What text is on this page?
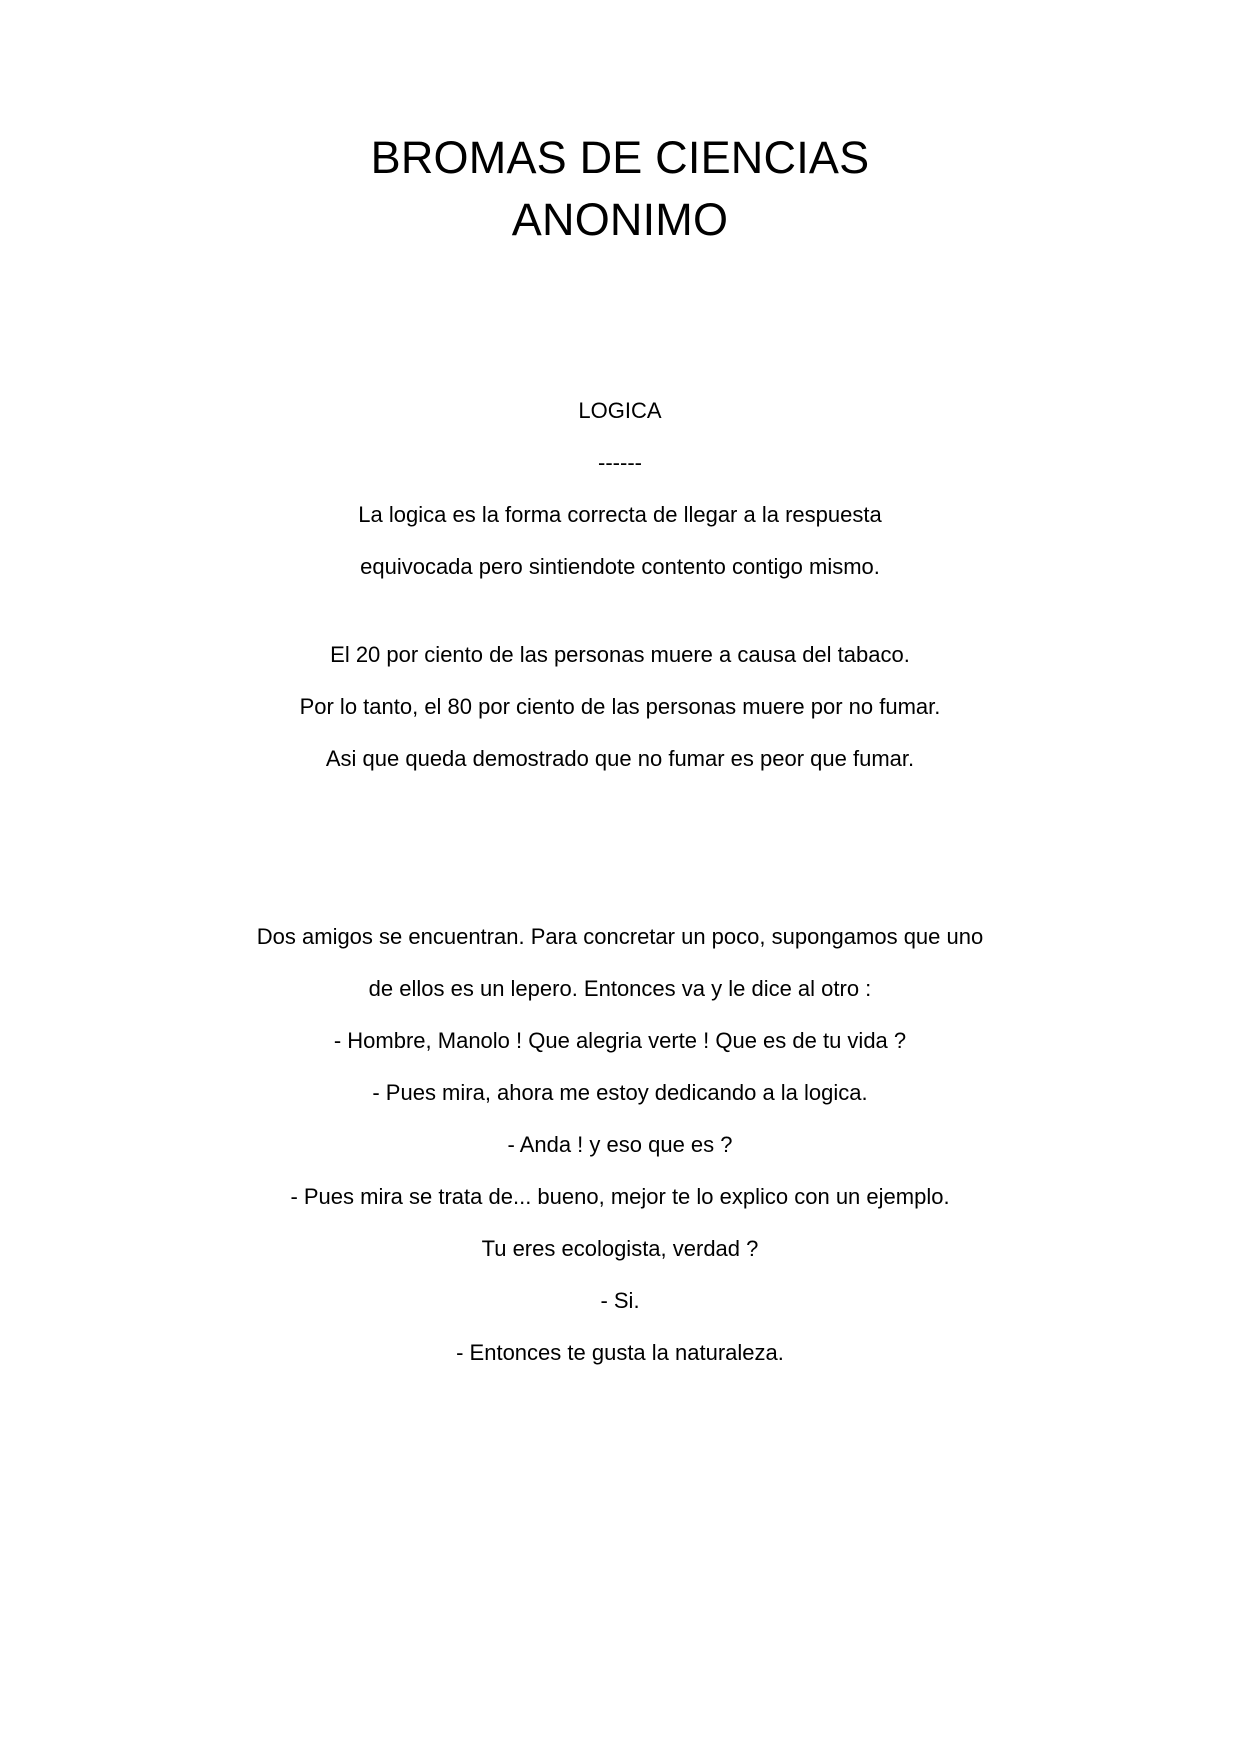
BROMAS DE CIENCIAS
ANONIMO

LOGICA

------

La logica es la forma correcta de llegar a la respuesta

equivocada pero sintiendote contento contigo mismo.

El 20 por ciento de las personas muere a causa del tabaco.

Por lo tanto, el 80 por ciento de las personas muere por no fumar.

Asi que queda demostrado que no fumar es peor que fumar.

Dos amigos se encuentran. Para concretar un poco, supongamos que uno

de ellos es un lepero. Entonces va y le dice al otro :

- Hombre, Manolo ! Que alegria verte ! Que es de tu vida ?

- Pues mira, ahora me estoy dedicando a la logica.

- Anda ! y eso que es ?

- Pues mira se trata de... bueno, mejor te lo explico con un ejemplo.

Tu eres ecologista, verdad ?

- Si.

- Entonces te gusta la naturaleza.
